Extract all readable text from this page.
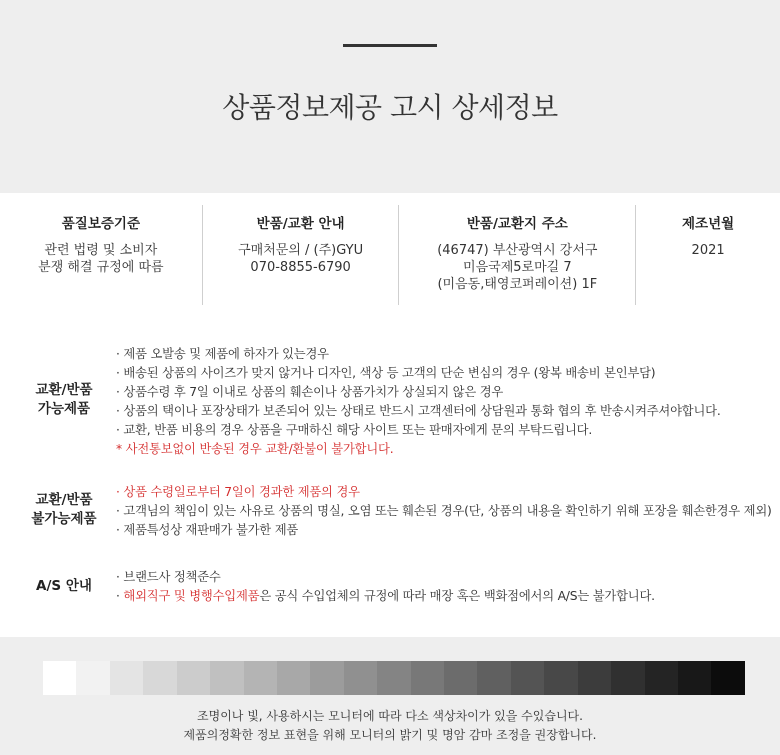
상품정보제공 고시 상세정보
품질보증기준
관련 법령 및 소비자
분쟁 해결 규정에 따름
반품/교환 안내
구매처문의 / (주)GYU
070-8855-6790
반품/교환지 주소
(46747) 부산광역시 강서구
미음국제5로마길 7
(미음동,태영코퍼레이션) 1F
제조년월
2021
교환/반품
가능제품
· 제품 오발송 및 제품에 하자가 있는경우
· 배송된 상품의 사이즈가 맞지 않거나 디자인, 색상 등 고객의 단순 변심의 경우 (왕복 배송비 본인부담)
· 상품수령 후 7일 이내로 상품의 훼손이나 상품가치가 상실되지 않은 경우
· 상품의 택이나 포장상태가 보존되어 있는 상태로 반드시 고객센터에 상담원과 통화 협의 후 반송시켜주셔야합니다.
· 교환, 반품 비용의 경우 상품을 구매하신 해당 사이트 또는 판매자에게 문의 부탁드립니다.
* 사전통보없이 반송된 경우 교환/환불이 불가합니다.
교환/반품
불가능제품
· 상품 수령일로부터 7일이 경과한 제품의 경우
· 고객님의 책임이 있는 사유로 상품의 명실, 오염 또는 훼손된 경우(단, 상품의 내용을 확인하기 위해 포장을 훼손한경우 제외)
· 제품특성상 재판매가 불가한 제품
A/S 안내
· 브랜드사 정책준수
· 해외직구 및 병행수입제품은 공식 수입업체의 규정에 따라 매장 혹은 백화점에서의 A/S는 불가합니다.
조명이나 빛, 사용하시는 모니터에 따라 다소 색상차이가 있을 수있습니다.
제품의정확한 정보 표현을 위해 모니터의 밝기 및 명암 감마 조정을 권장합니다.
